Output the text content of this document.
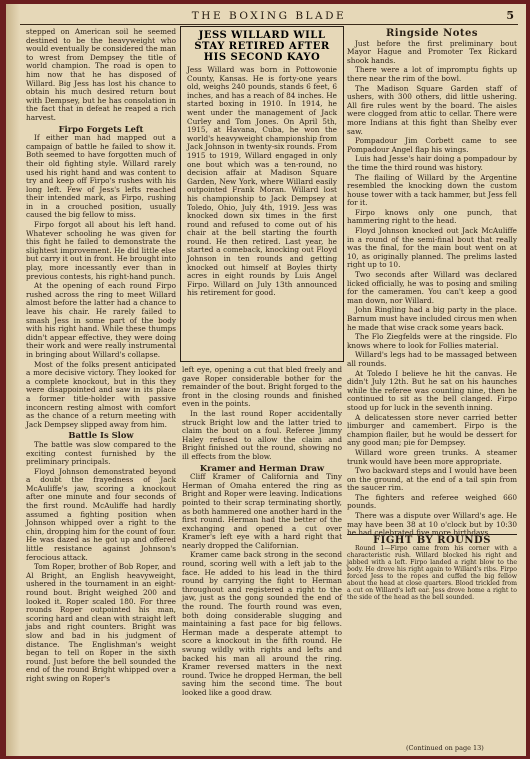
THE BOXING BLADE	5

stepped on American soil he seemed destined to be the heavyweight who would eventually be considered the man to wrest from Dempsey the title of world champion. The road is open to him now that he has disposed of Willard. Big Jess has lost his chance to obtain his much desired return bout with Dempsey, but he has consolation in the fact that in defeat he reaped a rich harvest.

Firpo Forgets Left

If either man had mapped out a campaign of battle he failed to show it. Both seemed to have forgotten much of their old fighting style. Willard rarely used his right hand and was content to try and keep off Firpo's rushes with his long left. Few of Jess's lefts reached their intended mark, as Firpo, rushing in in a crouched position, usually caused the big fellow to miss.

Firpo forgot all about his left hand. Whatever schooling he was given for this fight he failed to demonstrate the slightest improvement. He did little else but carry it out in front. He brought into play, more incessantly ever than in previous contests, his right-hand punch.

At the opening of each round Firpo rushed across the ring to meet Willard almost before the latter had a chance to leave his chair. He rarely failed to smash Jess in some part of the body with his right hand. While these thumps didn't appear effective, they were doing their work and were really instrumental in bringing about Willard's collapse.

Most of the folks present anticipated a more decisive victory. They looked for a complete knockout, but in this they were disappointed and saw in its place a former title-holder with passive inconcern resting almost with comfort as the chance of a return meeting with Jack Dempsey slipped away from him.

Battle Is Slow

The battle was slow compared to the exciting contest furnished by the preliminary principals.

Floyd Johnson demonstrated beyond a doubt the frayedness of Jack McAuliffe's jaw, scoring a knockout after one minute and four seconds of the first round. McAuliffe had hardly assumed a fighting position when Johnson whipped over a right to the chin, dropping him for the count of four. He was dazed as he got up and offered little resistance against Johnson's ferocious attack.

Tom Roper, brother of Bob Roper, and Al Bright, an English heavyweight, ushered in the tournament in an eight-round bout. Bright weighed 200 and looked it. Roper scaled 180. For three rounds Roper outpointed his man, scoring hard and clean with straight left jabs and right counters. Bright was slow and bad in his judgment of distance. The Englishman's weight began to tell on Roper in the sixth round. Just before the bell sounded the end of the round Bright whipped over a right swing on Roper's

JESS WILLARD WILL STAY RETIRED AFTER HIS SECOND KAYO
Jess Willard was born in Pottowonie County, Kansas. He is forty-one years old, weighs 240 pounds, stands 6 feet, 6 inches, and has a reach of 84 inches. He started boxing in 1910. In 1914, he went under the management of Jack Curley and Tom Jones. On April 5th, 1915, at Havana, Cuba, he won the world's heavyweight championship from Jack Johnson in twenty-six rounds. From 1915 to 1919, Willard engaged in only one bout which was a ten-round, no decision affair at Madison Square Garden, New York, where Willard easily outpointed Frank Moran. Willard lost his championship to Jack Dempsey at Toledo, Ohio, July 4th, 1919. Jess was knocked down six times in the first round and refused to come out of his chair at the bell starting the fourth round. He then retired. Last year, he started a comeback, knocking out Floyd Johnson in ten rounds and getting knocked out himself at Boyles thirty acres in eight rounds by Luis Angel Firpo. Willard on July 13th announced his retirement for good.

left eye, opening a cut that bled freely and gave Roper considerable bother for the remainder of the bout. Bright forged to the front in the closing rounds and finished even in the points.

In the last round Roper accidentally struck Bright low and the latter tried to claim the bout on a foul. Referee Jimmy Haley refused to allow the claim and Bright finished out the round, showing no ill effects from the blow.

Kramer and Herman Draw

Cliff Kramer of California and Tiny Herman of Omaha entered the ring as Bright and Roper were leaving. Indications pointed to their scrap terminating shortly, as both hammered one another hard in the first round. Herman had the better of the exchanging and opened a cut over Kramer's left eye with a hard right that nearly dropped the Californian.

Kramer came back strong in the second round, scoring well with a left jab to the face. He added to his lead in the third round by carrying the fight to Herman throughout and registered a right to the jaw, just as the gong sounded the end of the round. The fourth round was even, both doing considerable slugging and maintaining a fast pace for big fellows. Herman made a desperate attempt to score a knockout in the fifth round. He swung wildly with rights and lefts and backed his man all around the ring. Kramer reversed matters in the next round. Twice he dropped Herman, the bell saving him the second time. The bout looked like a good draw.

Ringside Notes

Just before the first preliminary bout Mayor Hague and Promoter Tex Rickard shook hands.

There were a lot of impromptu fights up there near the rim of the bowl.

The Madison Square Garden staff of ushers, with 300 others, did little ushering. All fire rules went by the board. The aisles were clogged from attic to cellar. There were more Indians at this fight than Shelby ever saw.

Pompadour Jim Corbett came to see Pompadour Angel flap his wings.

Luis had Jesse's hair doing a pompadour by the time the third round was history.

The flailing of Willard by the Argentine resembled the knocking down the custom house tower with a tack hammer, but Jess fell for it.

Firpo knows only one punch, that hammering right to the head.

Floyd Johnson knocked out Jack McAuliffe in a round of the semi-final bout that really was the final, for the main bout went on at 10, as originally planned. The prelims lasted right up to 10.

Two seconds after Willard was declared licked officially, he was to posing and smiling for the cameramen. You can't keep a good man down, nor Willard.

John Ringling had a big party in the place. Barnum must have included circus men when he made that wise crack some years back.

The Flo Ziegfelds were at the ringside. Flo knows where to look for Follies material.

Willard's legs had to be massaged between all rounds.

At Toledo I believe he hit the canvas. He didn't July 12th. But he sat on his haunches while the referee was counting nine, then he continued to sit as the bell clanged. Firpo stood up for luck in the seventh inning.

A delicatessen store never carried better limburger and camembert. Firpo is the champion flailer, but he would be dessert for any good man; pie for Dempsey.

Willard wore green trunks. A steamer trunk would have been more appropriate.

Two backward steps and I would have been on the ground, at the end of a tail spin from the saucer rim.

The fighters and referee weighed 660 pounds.

There was a dispute over Willard's age. He may have been 38 at 10 o'clock but by 10:30 he had celebrated five more birthdays.

FIGHT BY ROUNDS

Round 1—Firpo came from his corner with a characteristic rush. Willard blocked his right and jabbed with a left. Firpo landed a right blow to the body. He drove his right again to Willard's ribs. Firpo forced Jess to the ropes and cuffed the big fellow about the head at close quarters. Blood trickled from a cut on Willard's left ear. Jess drove home a right to the side of the head as the bell sounded.

(Continued on page 13)
